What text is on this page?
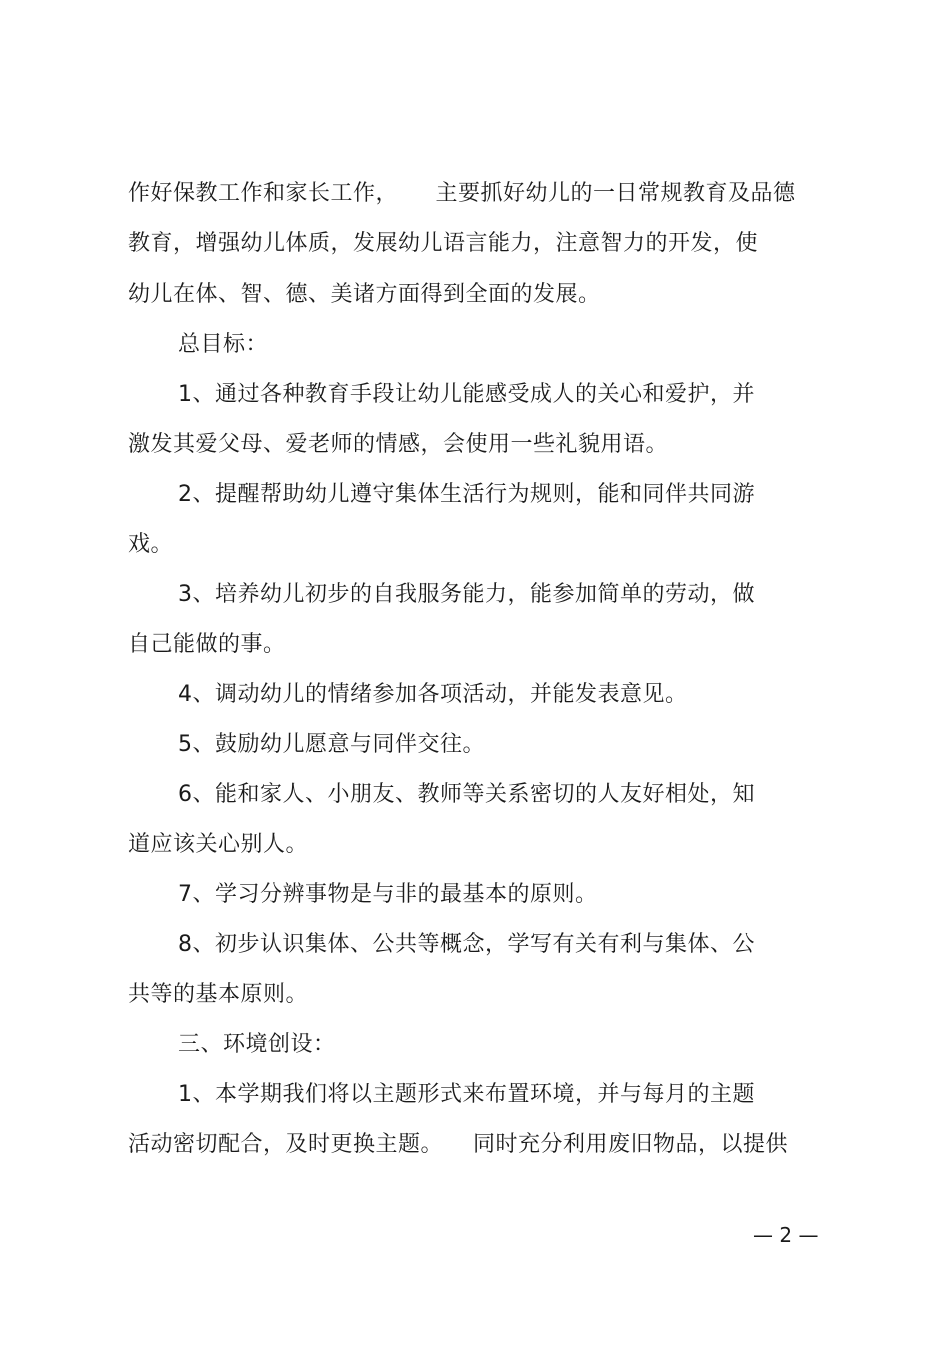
作好保教工作和家长工作，     主要抓好幼儿的一日常规教育及品德
教育，增强幼儿体质，发展幼儿语言能力，注意智力的开发，使
幼儿在体、智、德、美诸方面得到全面的发展。
总目标：
1、通过各种教育手段让幼儿能感受成人的关心和爱护，并
激发其爱父母、爱老师的情感，会使用一些礼貌用语。
2、提醒帮助幼儿遵守集体生活行为规则，能和同伴共同游
戏。
3、培养幼儿初步的自我服务能力，能参加简单的劳动，做
自己能做的事。
4、调动幼儿的情绪参加各项活动，并能发表意见。
5、鼓励幼儿愿意与同伴交往。
6、能和家人、小朋友、教师等关系密切的人友好相处，知
道应该关心别人。
7、学习分辨事物是与非的最基本的原则。
8、初步认识集体、公共等概念，学写有关有利与集体、公
共等的基本原则。
三、环境创设：
1、本学期我们将以主题形式来布置环境，并与每月的主题
活动密切配合，及时更换主题。    同时充分利用废旧物品，以提供
— 2 —
